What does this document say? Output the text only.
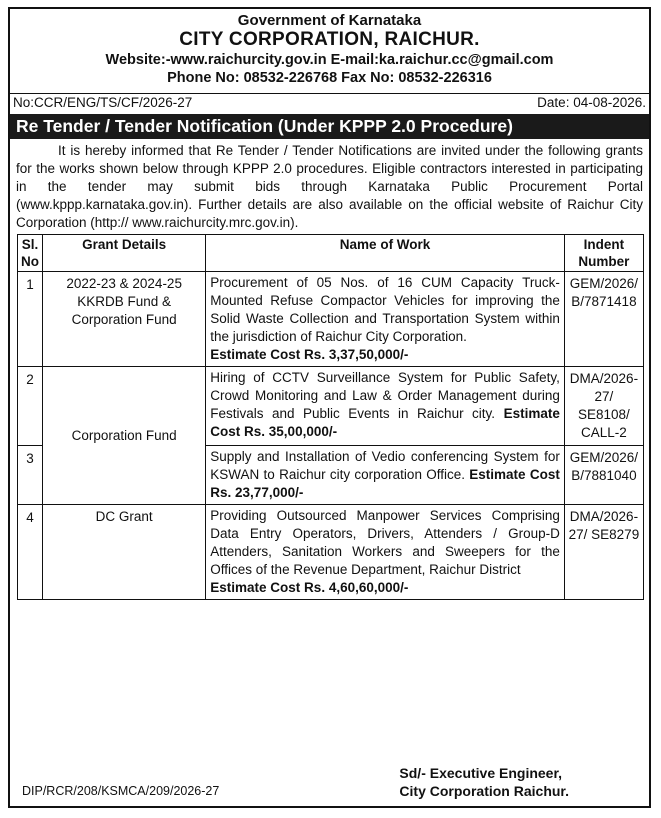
Government of Karnataka
CITY CORPORATION, RAICHUR.
Website:-www.raichurcity.gov.in E-mail:ka.raichur.cc@gmail.com
Phone No: 08532-226768 Fax No: 08532-226316
No:CCR/ENG/TS/CF/2026-27	Date: 04-08-2026.
Re Tender / Tender Notification (Under KPPP 2.0 Procedure)

It is hereby informed that Re Tender / Tender Notifications are invited under the following grants for the works shown below through KPPP 2.0 procedures. Eligible contractors interested in participating in the tender may submit bids through Karnataka Public Procurement Portal (www.kppp.karnataka.gov.in). Further details are also available on the official website of Raichur City Corporation (http:// www.raichurcity.mrc.gov.in).

Sl. No	Grant Details	Name of Work	Indent Number
1	2022-23 & 2024-25 KKRDB Fund & Corporation Fund	Procurement of 05 Nos. of 16 CUM Capacity Truck-Mounted Refuse Compactor Vehicles for improving the Solid Waste Collection and Transportation System within the jurisdiction of Raichur City Corporation.
Estimate Cost Rs. 3,37,50,000/-	GEM/2026/ B/7871418
2	Corporation Fund	Hiring of CCTV Surveillance System for Public Safety, Crowd Monitoring and Law & Order Management during Festivals and Public Events in Raichur city. Estimate Cost Rs. 35,00,000/-	DMA/2026-27/ SE8108/ CALL-2
3		Supply and Installation of Vedio conferencing System for KSWAN to Raichur city corporation Office. Estimate Cost Rs. 23,77,000/-	GEM/2026/ B/7881040
4	DC Grant	Providing Outsourced Manpower Services Comprising Data Entry Operators, Drivers, Attenders / Group-D Attenders, Sanitation Workers and Sweepers for the Offices of the Revenue Department, Raichur District
Estimate Cost Rs. 4,60,60,000/-	DMA/2026-27/ SE8279
DIP/RCR/208/KSMCA/209/2026-27
Sd/- Executive Engineer,
City Corporation Raichur.
